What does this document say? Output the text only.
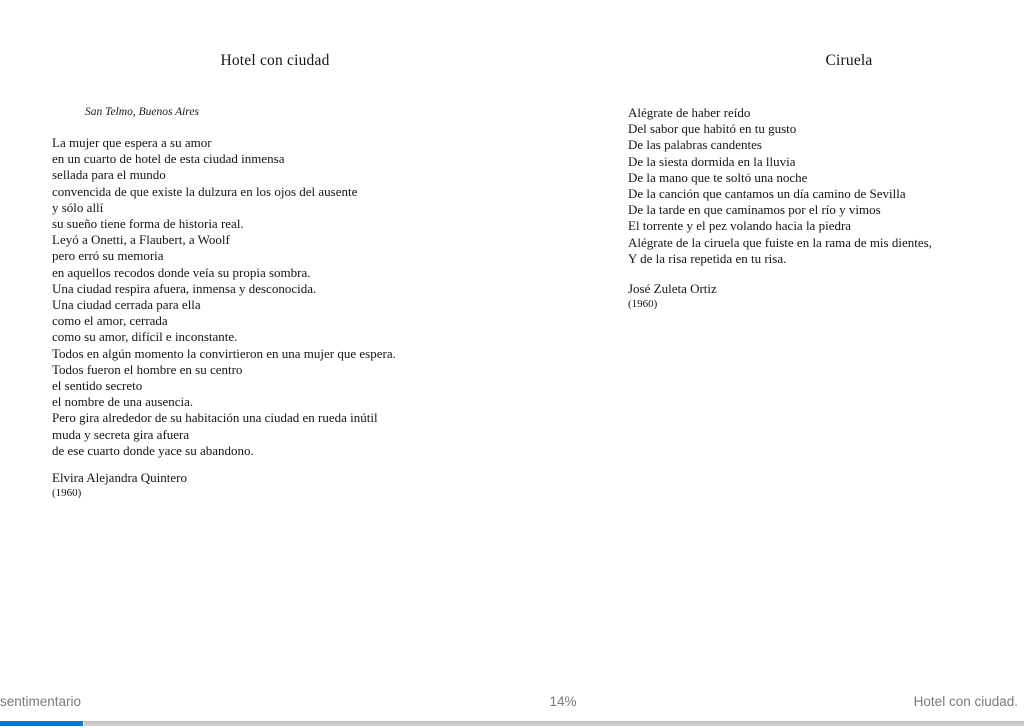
Hotel con ciudad
San Telmo, Buenos Aires
La mujer que espera a su amor
en un cuarto de hotel de esta ciudad inmensa
sellada para el mundo
convencida de que existe la dulzura en los ojos del ausente
y sólo allí
su sueño tiene forma de historia real.
Leyó a Onetti, a Flaubert, a Woolf
pero erró su memoria
en aquellos recodos donde veía su propia sombra.
Una ciudad respira afuera, inmensa y desconocida.
Una ciudad cerrada para ella
como el amor, cerrada
como su amor, difícil e inconstante.
Todos en algún momento la convirtieron en una mujer que espera.
Todos fueron el hombre en su centro
el sentido secreto
el nombre de una ausencia.
Pero gira alrededor de su habitación una ciudad en rueda inútil
muda y secreta gira afuera
de ese cuarto donde yace su abandono.
Elvira Alejandra Quintero
(1960)
Ciruela
Alégrate de haber reído
Del sabor que habitó en tu gusto
De las palabras candentes
De la siesta dormida en la lluvia
De la mano que te soltó una noche
De la canción que cantamos un día camino de Sevilla
De la tarde en que caminamos por el río y vimos
El torrente y el pez volando hacia la piedra
Alégrate de la ciruela que fuiste en la rama de mis dientes,
Y de la risa repetida en tu risa.
José Zuleta Ortiz
(1960)
sentimentario	14%	Hotel con ciudad.
